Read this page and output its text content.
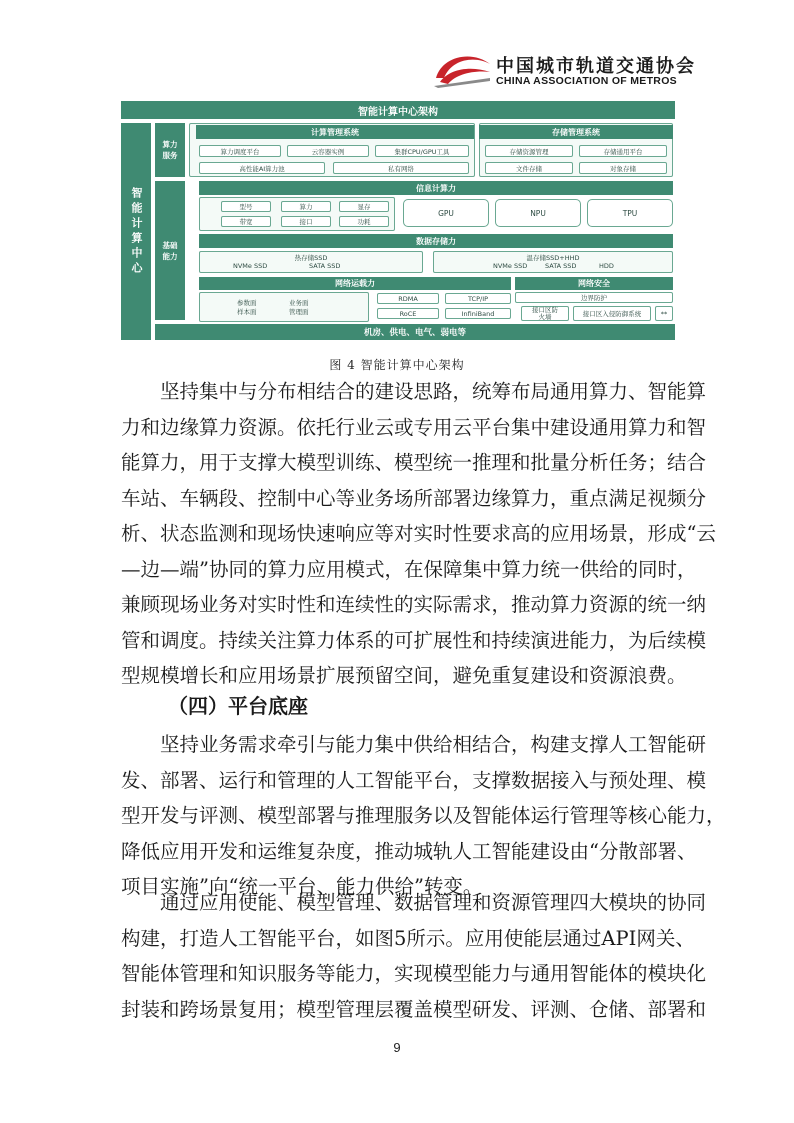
中国城市轨道交通协会
CHINA ASSOCIATION OF METROS
智能计算中心架构
智能计算中心
算力服务
计算管理系统
算力调度平台	云容器实例	集群CPU/GPU工具
高性能AI算力池	私有网络
存储管理系统
存储资源管理	存储通用平台
文件存储	对象存储
基础能力
信息计算力
型号	算力	显存
带宽	接口	功耗
GPU	NPU	TPU
数据存储力
热存储SSD
NVMe SSD	SATA SSD
温存储SSD+HHD
NVMe SSD	SATA SSD	HDD
网络运载力
参数面	业务面
样本面	管理面
RDMA	TCP/IP
RoCE	InfiniBand
网络安全
边界防护
接口区防火墙	接口区入侵防御系统	**
机房、供电、电气、弱电等
图 4 智能计算中心架构
坚持集中与分布相结合的建设思路，统筹布局通用算力、智能算
力和边缘算力资源。依托行业云或专用云平台集中建设通用算力和智
能算力，用于支撑大模型训练、模型统一推理和批量分析任务；结合
车站、车辆段、控制中心等业务场所部署边缘算力，重点满足视频分
析、状态监测和现场快速响应等对实时性要求高的应用场景，形成“云
—边—端”协同的算力应用模式，在保障集中算力统一供给的同时，
兼顾现场业务对实时性和连续性的实际需求，推动算力资源的统一纳
管和调度。持续关注算力体系的可扩展性和持续演进能力，为后续模
型规模增长和应用场景扩展预留空间，避免重复建设和资源浪费。
（四）平台底座
坚持业务需求牵引与能力集中供给相结合，构建支撑人工智能研
发、部署、运行和管理的人工智能平台，支撑数据接入与预处理、模
型开发与评测、模型部署与推理服务以及智能体运行管理等核心能力，
降低应用开发和运维复杂度，推动城轨人工智能建设由“分散部署、
项目实施”向“统一平台、能力供给”转变。
通过应用使能、模型管理、数据管理和资源管理四大模块的协同
构建，打造人工智能平台，如图5所示。应用使能层通过API网关、
智能体管理和知识服务等能力，实现模型能力与通用智能体的模块化
封装和跨场景复用；模型管理层覆盖模型研发、评测、仓储、部署和
9
